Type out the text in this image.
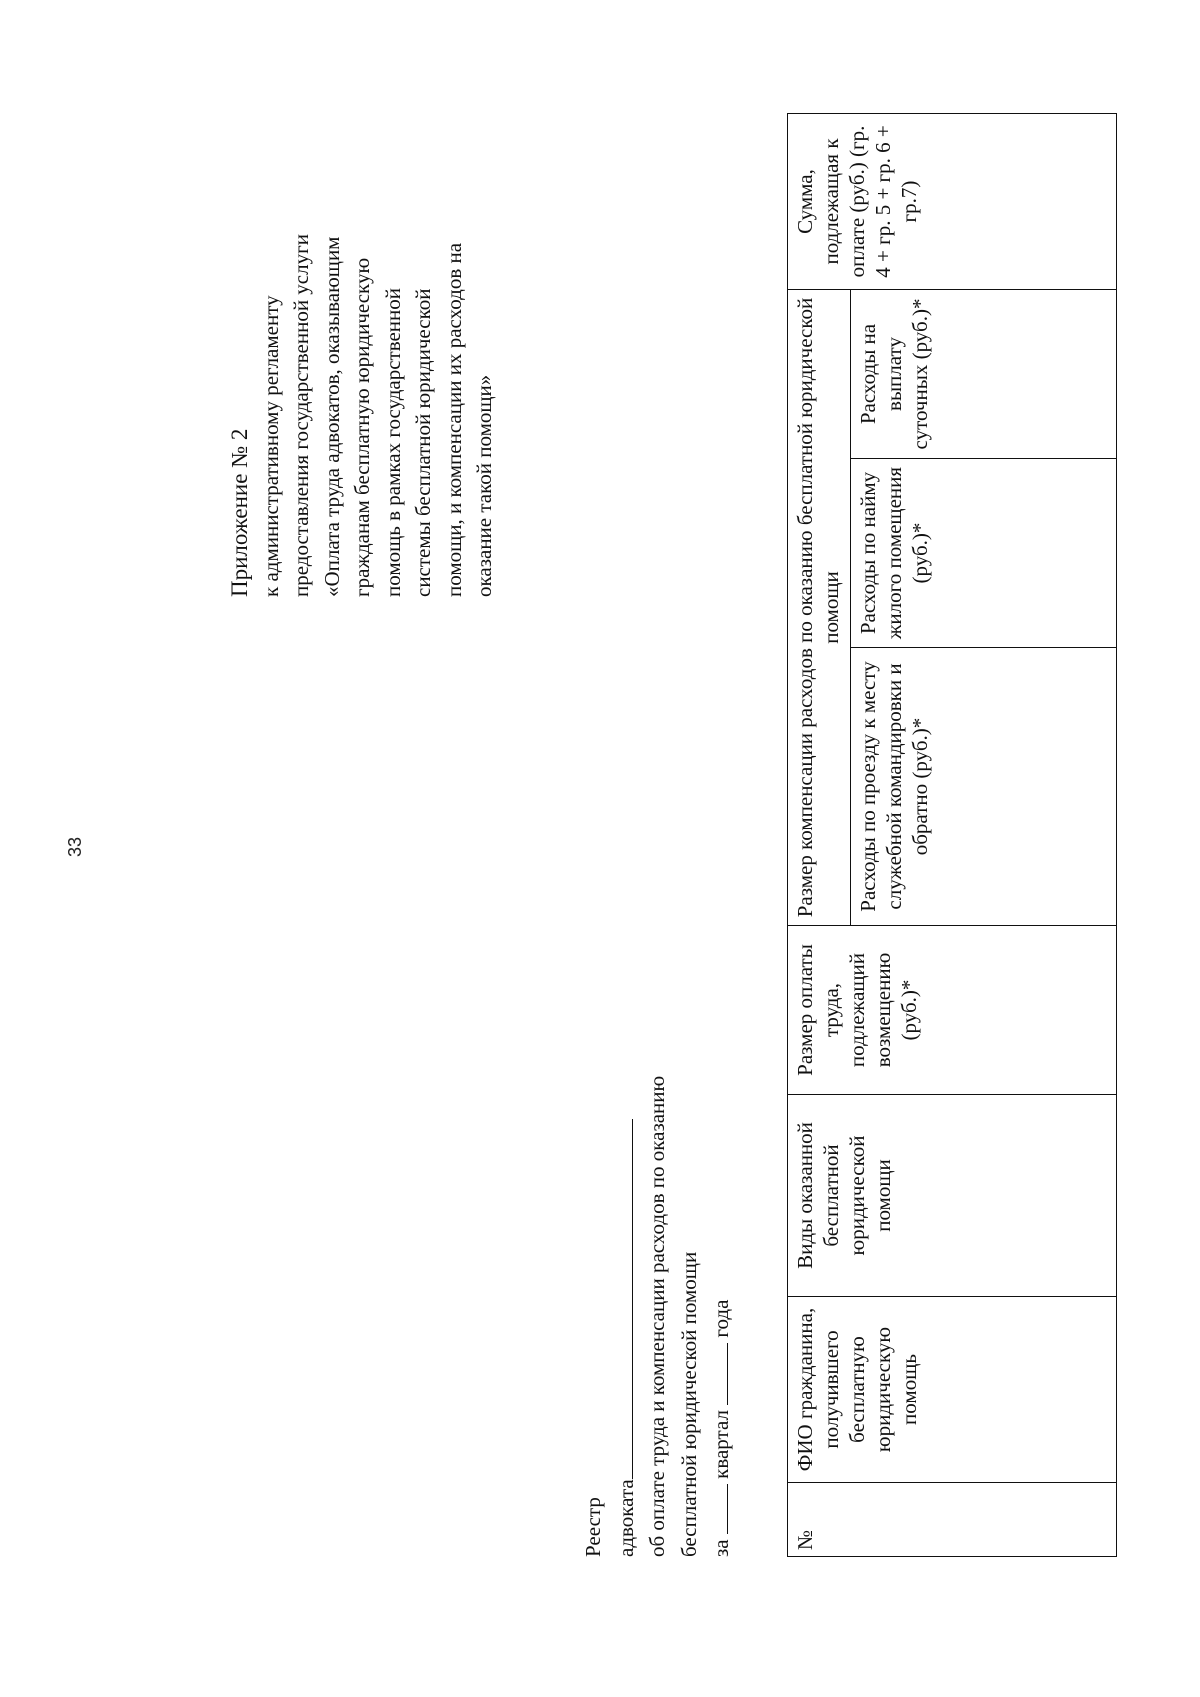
33
Приложение № 2 к административному регламенту предоставления государственной услуги «Оплата труда адвокатов, оказывающим гражданам бесплатную юридическую помощь в рамках государственной системы бесплатной юридической помощи, и компенсации их расходов на оказание такой помощи»
Реестр адвоката об оплате труда и компенсации расходов по оказанию бесплатной юридической помощи за  квартал  года
№	ФИО гражданина, получившего бесплатную юридическую помощь	Виды оказанной бесплатной юридической помощи	Размер оплаты труда, подлежащий возмещению (руб.)*	Размер компенсации расходов по оказанию бесплатной юридической помощи			Сумма, подлежащая к оплате (руб.) (гр. 4 + гр. 5 + гр. 6 + гр.7)
				Расходы по проезду к месту служебной командировки и обратно (руб.)*	Расходы по найму жилого помещения (руб.)*	Расходы на выплату суточных (руб.)*	
